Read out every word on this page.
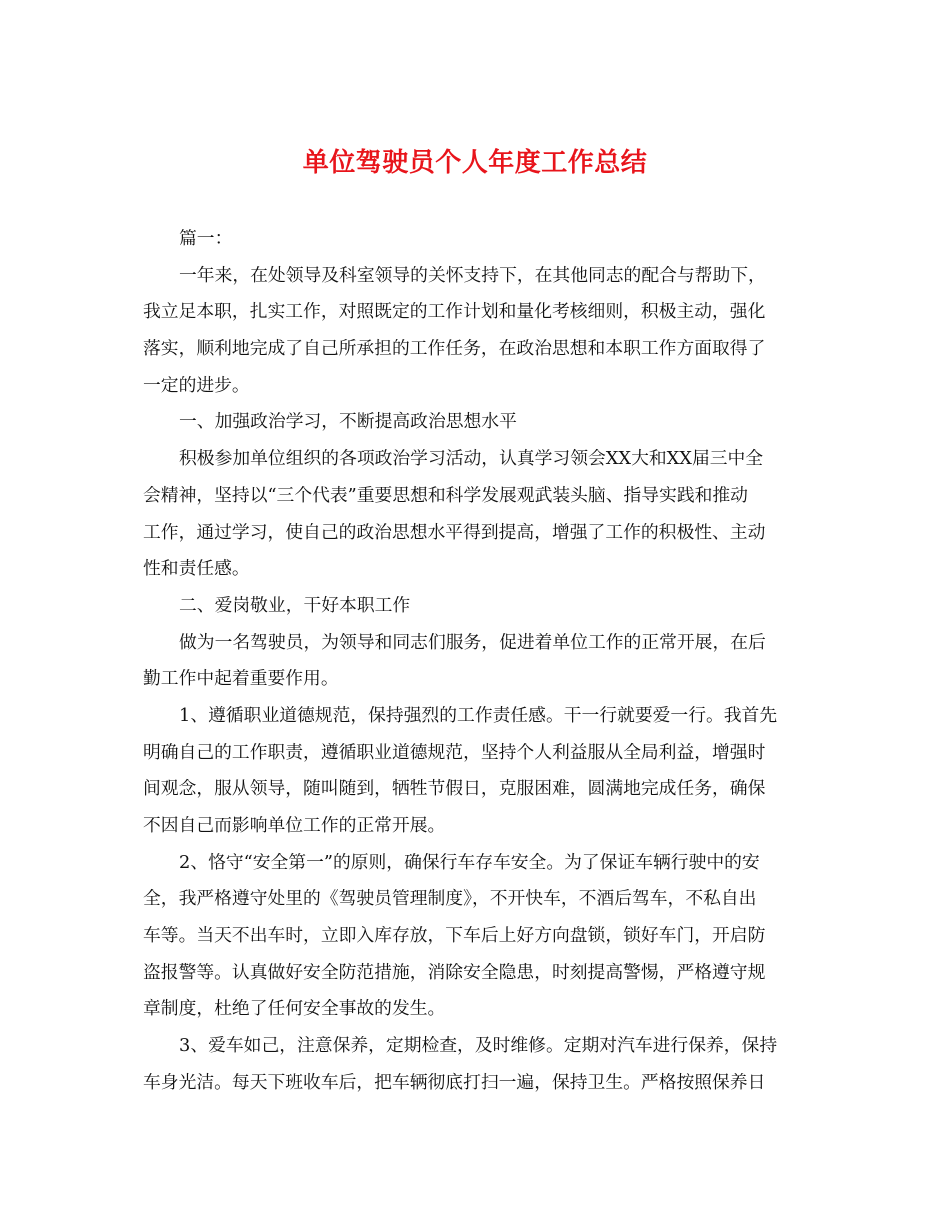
单位驾驶员个人年度工作总结
篇一：
一年来，在处领导及科室领导的关怀支持下，在其他同志的配合与帮助下，
我立足本职，扎实工作，对照既定的工作计划和量化考核细则，积极主动，强化
落实，顺利地完成了自己所承担的工作任务，在政治思想和本职工作方面取得了
一定的进步。
一、加强政治学习，不断提高政治思想水平
积极参加单位组织的各项政治学习活动，认真学习领会XX大和XX届三中全
会精神，坚持以“三个代表”重要思想和科学发展观武装头脑、指导实践和推动
工作，通过学习，使自己的政治思想水平得到提高，增强了工作的积极性、主动
性和责任感。
二、爱岗敬业，干好本职工作
做为一名驾驶员，为领导和同志们服务，促进着单位工作的正常开展，在后
勤工作中起着重要作用。
1、遵循职业道德规范，保持强烈的工作责任感。干一行就要爱一行。我首先
明确自己的工作职责，遵循职业道德规范，坚持个人利益服从全局利益，增强时
间观念，服从领导，随叫随到，牺牲节假日，克服困难，圆满地完成任务，确保
不因自己而影响单位工作的正常开展。
2、恪守“安全第一”的原则，确保行车存车安全。为了保证车辆行驶中的安
全，我严格遵守处里的《驾驶员管理制度》，不开快车，不酒后驾车，不私自出
车等。当天不出车时，立即入库存放，下车后上好方向盘锁，锁好车门，开启防
盗报警等。认真做好安全防范措施，消除安全隐患，时刻提高警惕，严格遵守规
章制度，杜绝了任何安全事故的发生。
3、爱车如己，注意保养，定期检查，及时维修。定期对汽车进行保养，保持
车身光洁。每天下班收车后，把车辆彻底打扫一遍，保持卫生。严格按照保养日
